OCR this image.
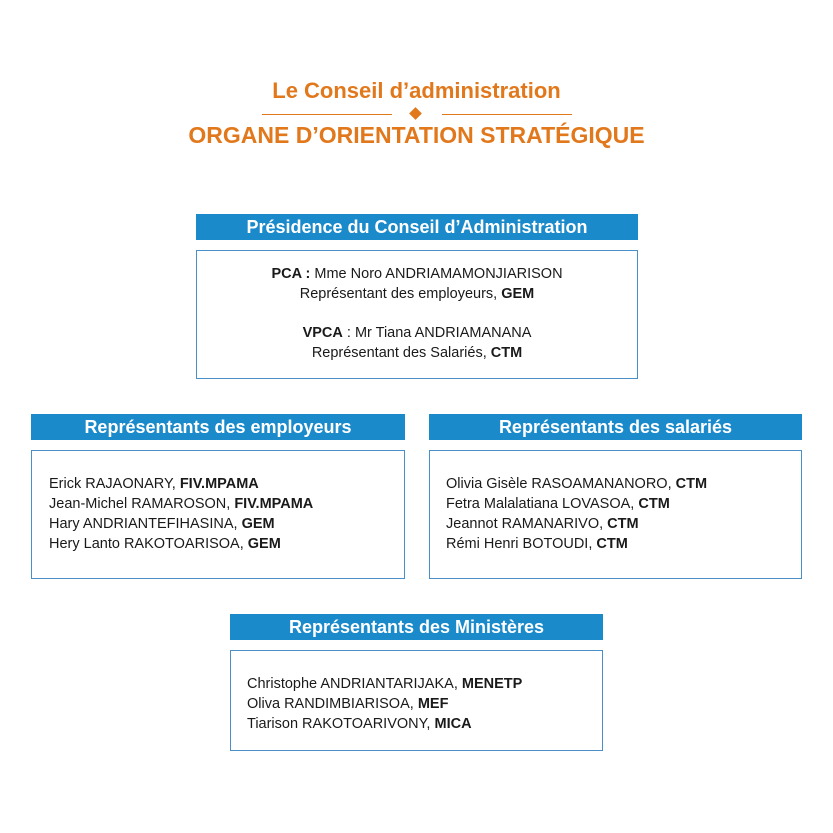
Le Conseil d’administration
ORGANE D’ORIENTATION STRATÉGIQUE
Présidence du Conseil d’Administration
PCA : Mme Noro ANDRIAMAMONJIARISON
Représentant des employeurs, GEM
VPCA : Mr Tiana ANDRIAMANANA
Représentant des Salariés, CTM
Représentants des employeurs
Erick RAJAONARY, FIV.MPAMA
Jean-Michel RAMAROSON, FIV.MPAMA
Hary ANDRIANTEFIHASINA, GEM
Hery Lanto RAKOTOARISOA, GEM
Représentants des salariés
Olivia Gisèle RASOAMANANORO, CTM
Fetra Malalatiana LOVASOA, CTM
Jeannot RAMANARIVO, CTM
Rémi Henri BOTOUDI, CTM
Représentants des Ministères
Christophe ANDRIANTARIJAKA, MENETP
Oliva RANDIMBIARISOA, MEF
Tiarison RAKOTOARIVONY, MICA
